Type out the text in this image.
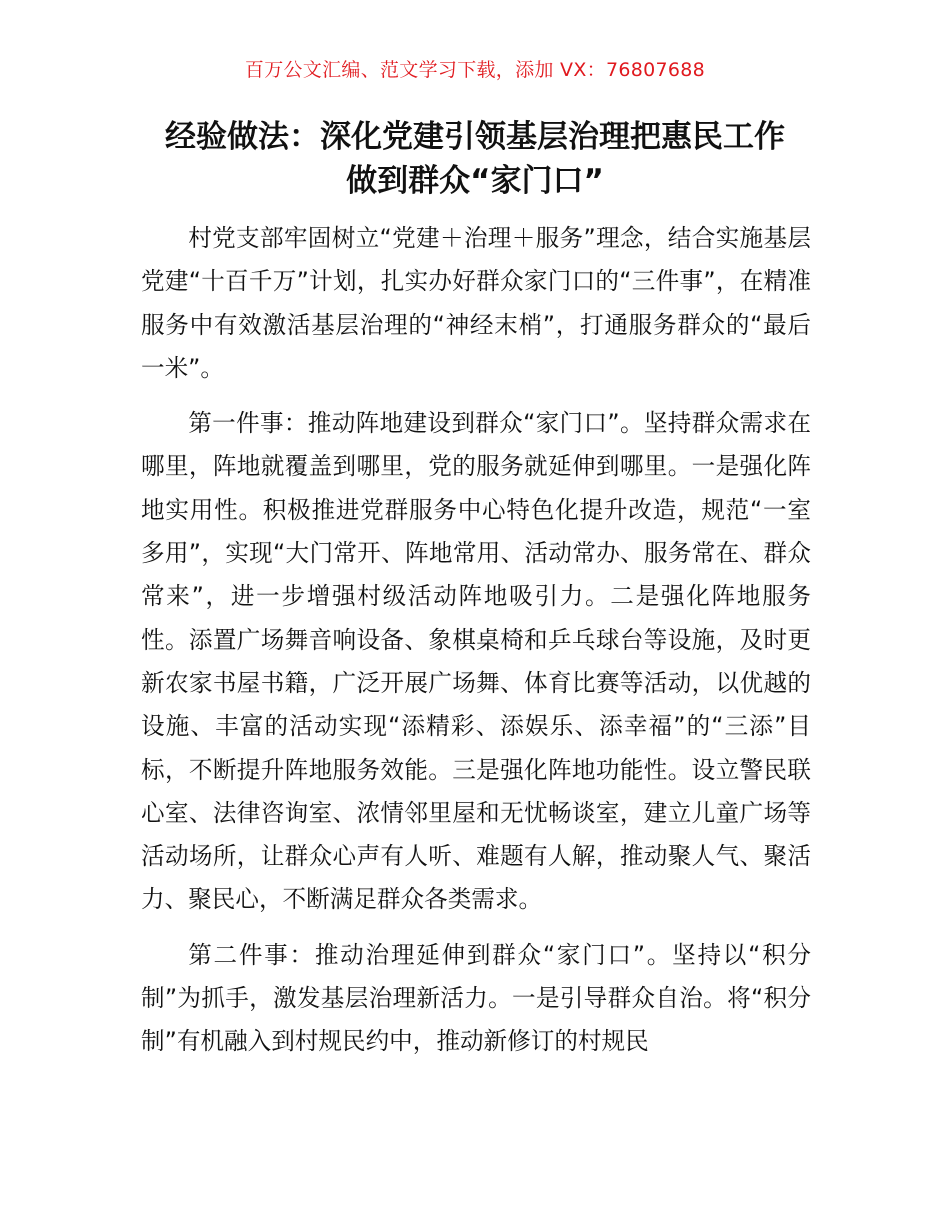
百万公文汇编、范文学习下载，添加 VX：76807688
经验做法：深化党建引领基层治理把惠民工作
做到群众“家门口”

村党支部牢固树立“党建＋治理＋服务”理念，结合实施基层党建“十百千万”计划，扎实办好群众家门口的“三件事”，在精准服务中有效激活基层治理的“神经末梢”，打通服务群众的“最后一米”。

第一件事：推动阵地建设到群众“家门口”。坚持群众需求在哪里，阵地就覆盖到哪里，党的服务就延伸到哪里。一是强化阵地实用性。积极推进党群服务中心特色化提升改造，规范“一室多用”，实现“大门常开、阵地常用、活动常办、服务常在、群众常来”，进一步增强村级活动阵地吸引力。二是强化阵地服务性。添置广场舞音响设备、象棋桌椅和乒乓球台等设施，及时更新农家书屋书籍，广泛开展广场舞、体育比赛等活动，以优越的设施、丰富的活动实现“添精彩、添娱乐、添幸福”的“三添”目标，不断提升阵地服务效能。三是强化阵地功能性。设立警民联心室、法律咨询室、浓情邻里屋和无忧畅谈室，建立儿童广场等活动场所，让群众心声有人听、难题有人解，推动聚人气、聚活力、聚民心，不断满足群众各类需求。

第二件事：推动治理延伸到群众“家门口”。坚持以“积分制”为抓手，激发基层治理新活力。一是引导群众自治。将“积分制”有机融入到村规民约中，推动新修订的村规民
